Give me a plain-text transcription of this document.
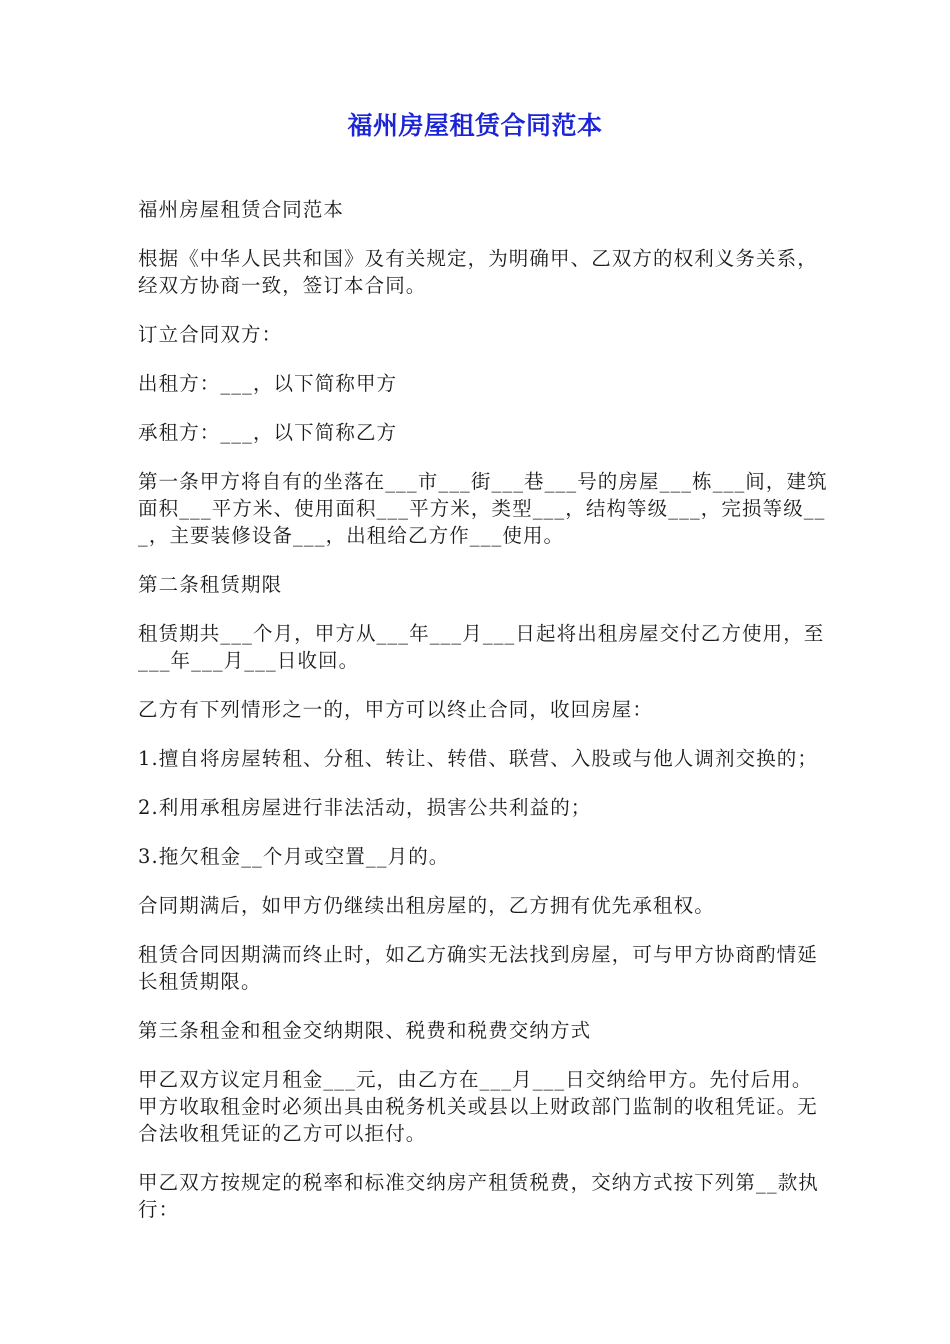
福州房屋租赁合同范本

福州房屋租赁合同范本

根据《中华人民共和国》及有关规定，为明确甲、乙双方的权利义务关系，经双方协商一致，签订本合同。

订立合同双方：

出租方：___，以下简称甲方

承租方：___，以下简称乙方

第一条甲方将自有的坐落在___市___街___巷___号的房屋___栋___间，建筑面积___平方米、使用面积___平方米，类型___，结构等级___，完损等级___，主要装修设备___，出租给乙方作___使用。

第二条租赁期限

租赁期共___个月，甲方从___年___月___日起将出租房屋交付乙方使用，至___年___月___日收回。

乙方有下列情形之一的，甲方可以终止合同，收回房屋：

1.擅自将房屋转租、分租、转让、转借、联营、入股或与他人调剂交换的；

2.利用承租房屋进行非法活动，损害公共利益的；

3.拖欠租金__个月或空置__月的。

合同期满后，如甲方仍继续出租房屋的，乙方拥有优先承租权。

租赁合同因期满而终止时，如乙方确实无法找到房屋，可与甲方协商酌情延长租赁期限。

第三条租金和租金交纳期限、税费和税费交纳方式

甲乙双方议定月租金___元，由乙方在___月___日交纳给甲方。先付后用。甲方收取租金时必须出具由税务机关或县以上财政部门监制的收租凭证。无合法收租凭证的乙方可以拒付。

甲乙双方按规定的税率和标准交纳房产租赁税费，交纳方式按下列第__款执行：
